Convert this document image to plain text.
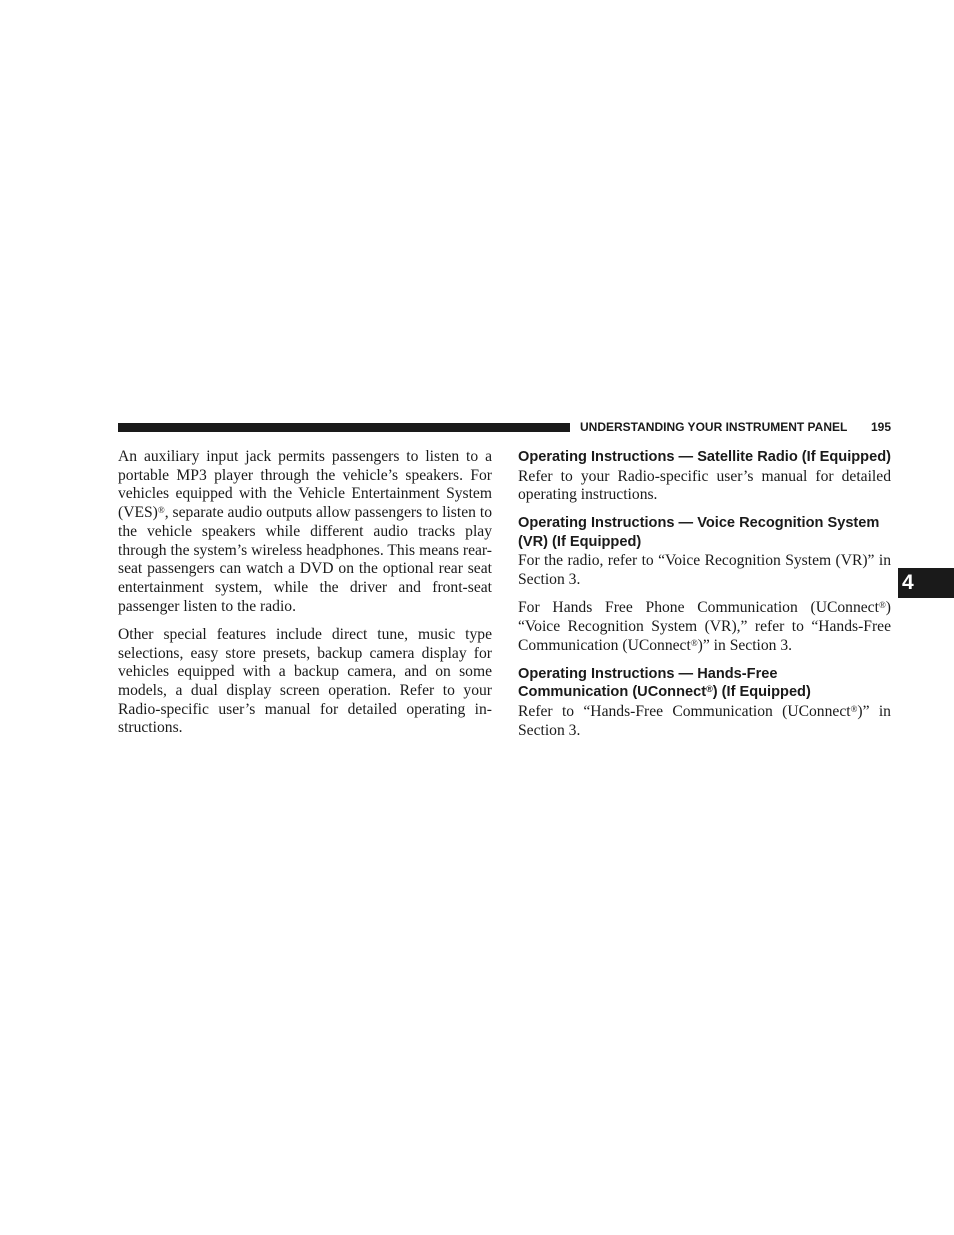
UNDERSTANDING YOUR INSTRUMENT PANEL 195

An auxiliary input jack permits passengers to listen to a portable MP3 player through the vehicle’s speakers. For vehicles equipped with the Vehicle Entertainment System (VES)®, separate audio outputs allow passengers to listen to the vehicle speakers while different audio tracks play through the system’s wireless headphones. This means rear-seat passengers can watch a DVD on the optional rear seat entertainment system, while the driver and front-seat passenger listen to the radio.

Other special features include direct tune, music type selections, easy store presets, backup camera display for vehicles equipped with a backup camera, and on some models, a dual display screen operation. Refer to your Radio-specific user’s manual for detailed operating instructions.

Operating Instructions — Satellite Radio (If Equipped)

Refer to your Radio-specific user’s manual for detailed operating instructions.

Operating Instructions — Voice Recognition System (VR) (If Equipped)

For the radio, refer to “Voice Recognition System (VR)” in Section 3.

For Hands Free Phone Communication (UConnect®) “Voice Recognition System (VR),” refer to “Hands-Free Communication (UConnect®)” in Section 3.

Operating Instructions — Hands-Free Communication (UConnect®) (If Equipped)

Refer to “Hands-Free Communication (UConnect®)” in Section 3.

4
